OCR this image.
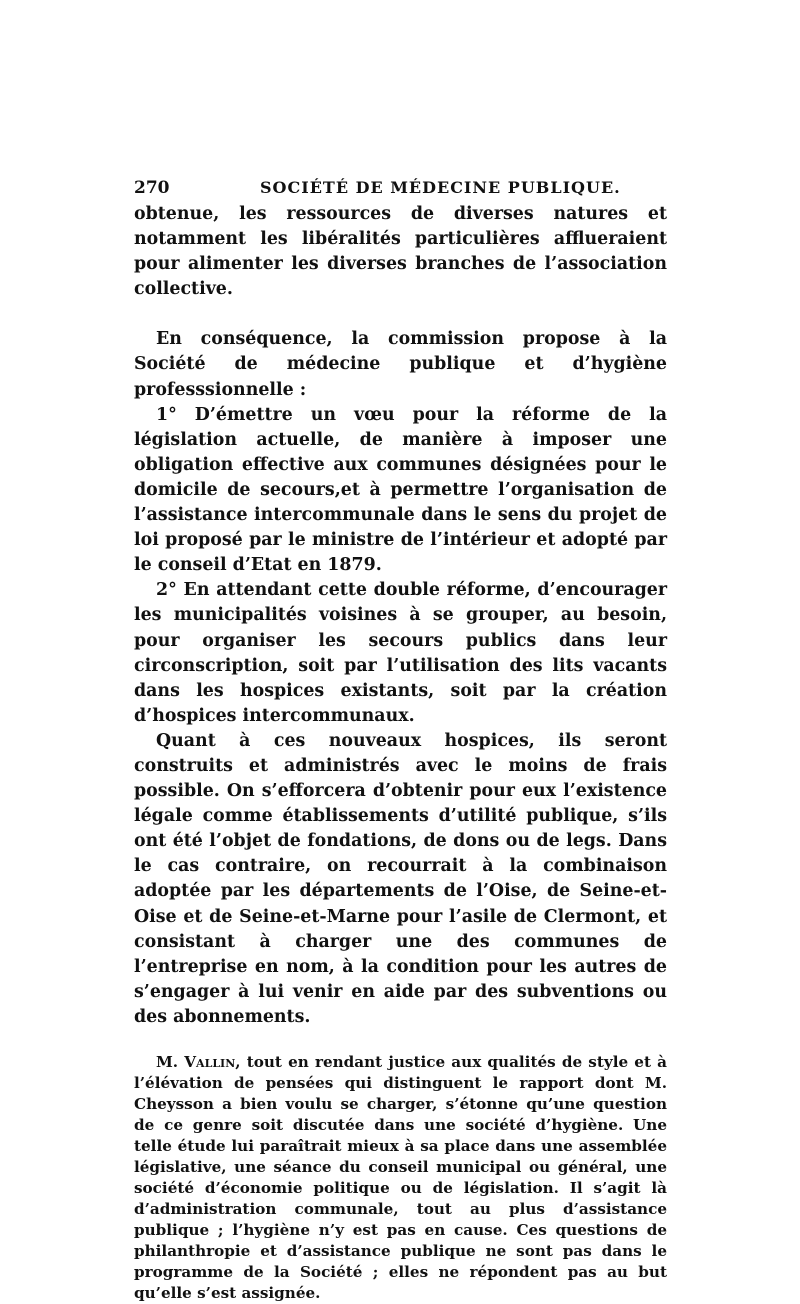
270	SOCIÉTÉ DE MÉDECINE PUBLIQUE.

obtenue, les ressources de diverses natures et notamment les libéralités particulières afflueraient pour alimenter les diverses branches de l’association collective.

En conséquence, la commission propose à la Société de médecine publique et d’hygiène professsionnelle :

1° D’émettre un vœu pour la réforme de la législation actuelle, de manière à imposer une obligation effective aux communes désignées pour le domicile de secours,et à permettre l’organisation de l’assistance intercommunale dans le sens du projet de loi proposé par le ministre de l’intérieur et adopté par le conseil d’Etat en 1879.

2° En attendant cette double réforme, d’encourager les municipalités voisines à se grouper, au besoin, pour organiser les secours publics dans leur circonscription, soit par l’utilisation des lits vacants dans les hospices existants, soit par la création d’hospices intercommunaux.

Quant à ces nouveaux hospices, ils seront construits et administrés avec le moins de frais possible. On s’efforcera d’obtenir pour eux l’existence légale comme établissements d’utilité publique, s’ils ont été l’objet de fondations, de dons ou de legs. Dans le cas contraire, on recourrait à la combinaison adoptée par les départements de l’Oise, de Seine-et-Oise et de Seine-et-Marne pour l’asile de Clermont, et consistant à charger une des communes de l’entreprise en nom, à la condition pour les autres de s’engager à lui venir en aide par des subventions ou des abonnements.

M. Vallin, tout en rendant justice aux qualités de style et à l’élévation de pensées qui distinguent le rapport dont M. Cheysson a bien voulu se charger, s’étonne qu’une question de ce genre soit discutée dans une société d’hygiène. Une telle étude lui paraîtrait mieux à sa place dans une assemblée législative, une séance du conseil municipal ou général, une société d’économie politique ou de législation. Il s’agit là d’administration communale, tout au plus d’assistance publique ; l’hygiène n’y est pas en cause. Ces questions de philanthropie et d’assistance publique ne sont pas dans le programme de la Société ; elles ne répondent pas au but qu’elle s’est assignée.
